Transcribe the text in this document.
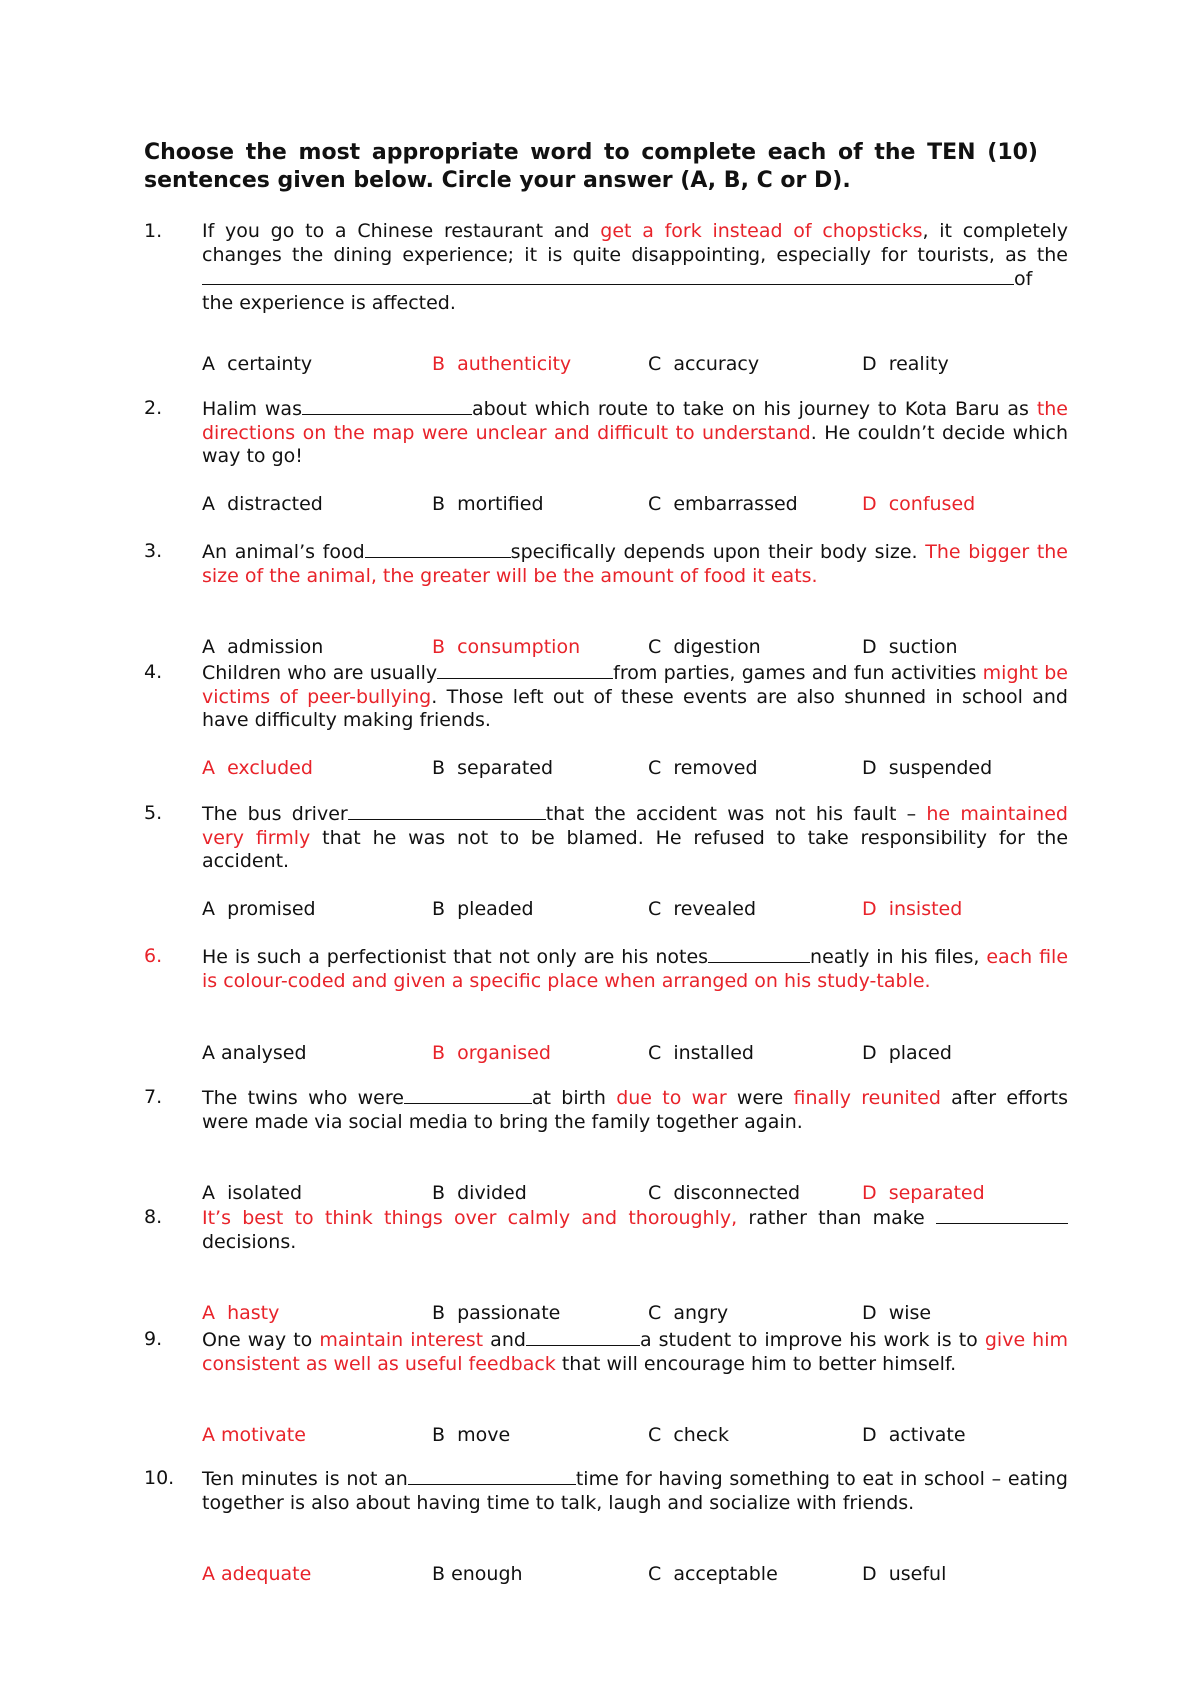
Choose the most appropriate word to complete each of the TEN (10) sentences given below. Circle your answer (A, B, C or D).

1. If you go to a Chinese restaurant and get a fork instead of chopsticks, it completely changes the dining experience; it is quite disappointing, especially for tourists, as theof the experience is affected.

A  certainty	B  authenticity	C  accuracy	D  reality
2. Halim was	about which route to take on his journey to Kota Baru as the directions on the map were unclear and difficult to understand. He couldn’t decide which way to go!

A  distracted	B  mortified	C  embarrassed	D  confused
3. An animal’s food	specifically depends upon their body size. The bigger the size of the animal, the greater will be the amount of food it eats.

A  admission	B  consumption	C  digestion	D  suction
4. Children who are usually	from parties, games and fun activities might be victims of peer-bullying. Those left out of these events are also shunned in school and have difficulty making friends.

A  excluded	B  separated	C  removed	D  suspended
5. The bus driver	that the accident was not his fault – he maintained very firmly that he was not to be blamed. He refused to take responsibility for the accident.

A  promised	B  pleaded	C  revealed	D  insisted
6. He is such a perfectionist that not only are his notes	neatly in his files, each file is colour-coded and given a specific place when arranged on his study-table.

A analysed	B  organised	C  installed	D  placed
7. The twins who were	at birth due to war were finally reunited after efforts were made via social media to bring the family together again.

A  isolated	B  divided	C  disconnected	D  separated
8. It’s best to think things over calmly and thoroughly, rather than make  decisions.

A  hasty	B  passionate	C  angry	D  wise
9. One way to maintain interest and	a student to improve his work is to give him consistent as well as useful feedback that will encourage him to better himself.

A motivate	B  move	C  check	D  activate
10. Ten minutes is not an	time for having something to eat in school – eating together is also about having time to talk, laugh and socialize with friends.

A adequate	B enough	C  acceptable	D  useful
